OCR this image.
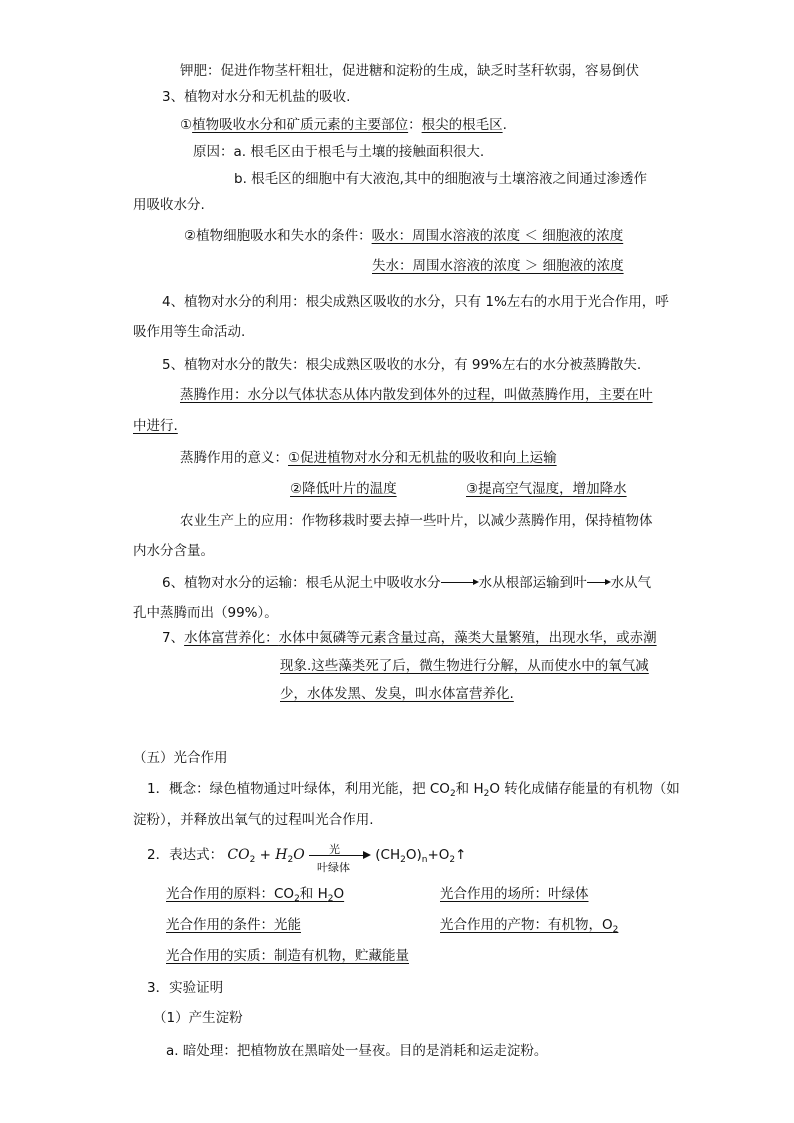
钾肥：促进作物茎杆粗壮，促进糖和淀粉的生成，缺乏时茎秆软弱，容易倒伏
3、植物对水分和无机盐的吸收.
①植物吸收水分和矿质元素的主要部位：根尖的根毛区.
原因：a. 根毛区由于根毛与土壤的接触面积很大.
b. 根毛区的细胞中有大液泡,其中的细胞液与土壤溶液之间通过渗透作
用吸收水分.
②植物细胞吸水和失水的条件：吸水：周围水溶液的浓度 ＜ 细胞液的浓度
失水：周围水溶液的浓度 ＞ 细胞液的浓度
4、植物对水分的利用：根尖成熟区吸收的水分，只有 1%左右的水用于光合作用，呼
吸作用等生命活动.
5、植物对水分的散失：根尖成熟区吸收的水分，有 99%左右的水分被蒸腾散失.
蒸腾作用：水分以气体状态从体内散发到体外的过程，叫做蒸腾作用，主要在叶
中进行.
蒸腾作用的意义：①促进植物对水分和无机盐的吸收和向上运输
②降低叶片的温度	③提高空气湿度，增加降水
农业生产上的应用：作物移栽时要去掉一些叶片，以减少蒸腾作用，保持植物体
内水分含量。
6、植物对水分的运输：根毛从泥土中吸收水分	水从根部运输到叶 水从气
孔中蒸腾而出（99%）。
7、水体富营养化：水体中氮磷等元素含量过高，藻类大量繁殖，出现水华，或赤潮
现象.这些藻类死了后，微生物进行分解，从而使水中的氧气减
少，水体发黑、发臭，叫水体富营养化.
（五）光合作用
1．概念：绿色植物通过叶绿体，利用光能，把 $CO_2$和 $H_2O$ 转化成储存能量的有机物（如
淀粉），并释放出氧气的过程叫光合作用.
2．表达式： $CO_2 + H_2O$ 光
叶绿体
$(CH_2O)_n+O_2↑$
光合作用的原料：$CO_2$和 $H_2O$	光合作用的场所：叶绿体
光合作用的条件：光能	光合作用的产物：有机物，$O_2$
光合作用的实质：制造有机物，贮藏能量
3．实验证明
（1）产生淀粉
a. 暗处理：把植物放在黑暗处一昼夜。目的是消耗和运走淀粉。
